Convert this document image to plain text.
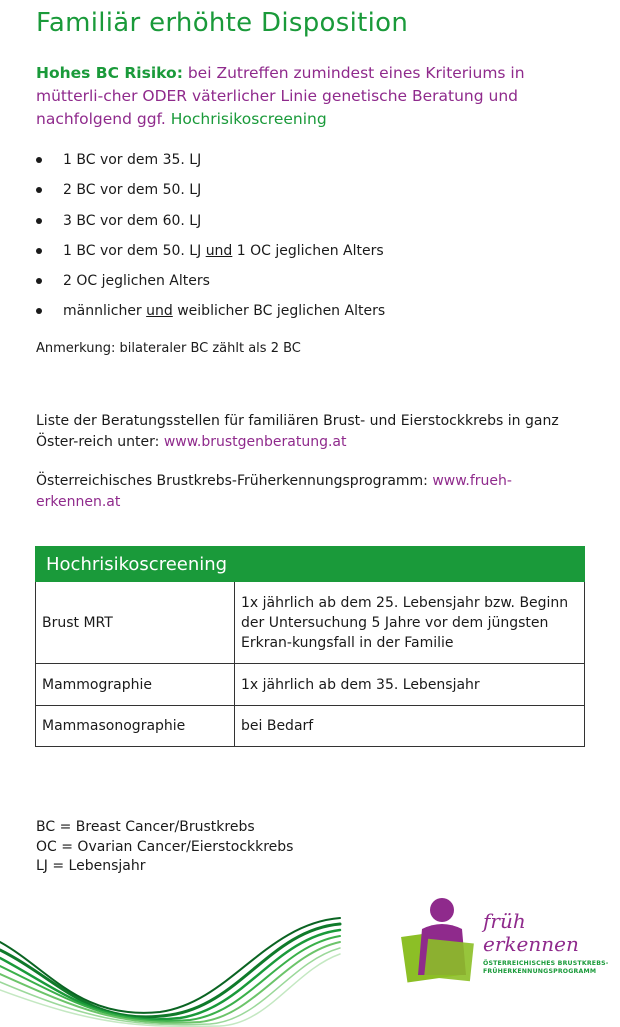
Familiär erhöhte Disposition
Hohes BC Risiko: bei Zutreffen zumindest eines Kriteriums in mütterli-cher ODER väterlicher Linie genetische Beratung und nachfolgend ggf. Hochrisikoscreening
1 BC vor dem 35. LJ
2 BC vor dem 50. LJ
3 BC vor dem 60. LJ
1 BC vor dem 50. LJ und 1 OC jeglichen Alters
2 OC jeglichen Alters
männlicher und weiblicher BC jeglichen Alters
Anmerkung: bilateraler BC zählt als 2 BC
Liste der Beratungsstellen für familiären Brust- und Eierstockkrebs in ganz Öster-reich unter: www.brustgenberatung.at
Österreichisches Brustkrebs-Früherkennungsprogramm: www.frueh-erkennen.at
Hochrisikoscreening	
Brust MRT	1x jährlich ab dem 25. Lebensjahr bzw. Beginn der Untersuchung 5 Jahre vor dem jüngsten Erkran-kungsfall in der Familie
Mammographie	1x jährlich ab dem 35. Lebensjahr
Mammasonographie	bei Bedarf
BC = Breast Cancer/Brustkrebs
OC = Ovarian Cancer/Eierstockkrebs
LJ = Lebensjahr
früh
erkennen
ÖSTERREICHISCHES BRUSTKREBS-
FRÜHERKENNUNGSPROGRAMM
